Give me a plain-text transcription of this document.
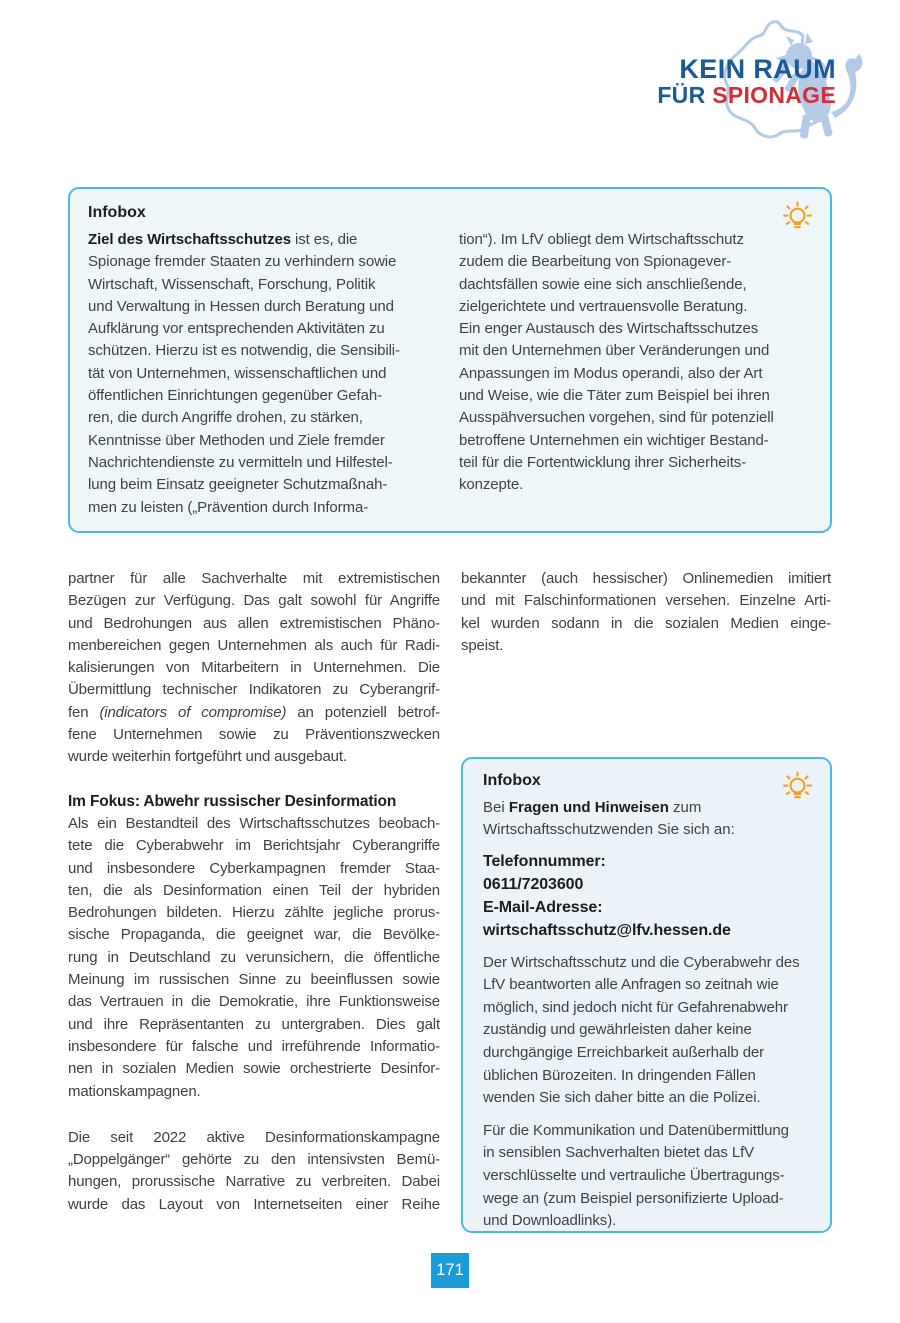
KEIN RAUM
FÜR SPIONAGE
Infobox
Ziel des Wirtschaftsschutzes ist es, die
Spionage fremder Staaten zu verhindern sowie
Wirtschaft, Wissenschaft, Forschung, Politik
und Verwaltung in Hessen durch Beratung und
Aufklärung vor entsprechenden Aktivitäten zu
schützen. Hierzu ist es notwendig, die Sensibili-
tät von Unternehmen, wissenschaftlichen und
öffentlichen Einrichtungen gegenüber Gefah-
ren, die durch Angriffe drohen, zu stärken,
Kenntnisse über Methoden und Ziele fremder
Nachrichtendienste zu vermitteln und Hilfestel-
lung beim Einsatz geeigneter Schutzmaßnah-
men zu leisten („Prävention durch Informa-
tion“). Im LfV obliegt dem Wirtschaftsschutz
zudem die Bearbeitung von Spionagever-
dachtsfällen sowie eine sich anschließende,
zielgerichtete und vertrauensvolle Beratung.
Ein enger Austausch des Wirtschaftsschutzes
mit den Unternehmen über Veränderungen und
Anpassungen im Modus operandi, also der Art
und Weise, wie die Täter zum Beispiel bei ihren
Ausspähversuchen vorgehen, sind für potenziell
betroffene Unternehmen ein wichtiger Bestand-
teil für die Fortentwicklung ihrer Sicherheits-
konzepte.
partner für alle Sachverhalte mit extremistischen
Bezügen zur Verfügung. Das galt sowohl für Angriffe
und Bedrohungen aus allen extremistischen Phäno-
menbereichen gegen Unternehmen als auch für Radi-
kalisierungen von Mitarbeitern in Unternehmen. Die
Übermittlung technischer Indikatoren zu Cyberangrif-
fen (indicators of compromise) an potenziell betrof-
fene Unternehmen sowie zu Präventionszwecken
wurde weiterhin fortgeführt und ausgebaut.
Im Fokus: Abwehr russischer Desinformation
Als ein Bestandteil des Wirtschaftsschutzes beobach-
tete die Cyberabwehr im Berichtsjahr Cyberangriffe
und insbesondere Cyberkampagnen fremder Staa-
ten, die als Desinformation einen Teil der hybriden
Bedrohungen bildeten. Hierzu zählte jegliche prorus-
sische Propaganda, die geeignet war, die Bevölke-
rung in Deutschland zu verunsichern, die öffentliche
Meinung im russischen Sinne zu beeinflussen sowie
das Vertrauen in die Demokratie, ihre Funktionsweise
und ihre Repräsentanten zu untergraben. Dies galt
insbesondere für falsche und irreführende Informatio-
nen in sozialen Medien sowie orchestrierte Desinfor-
mationskampagnen.
Die seit 2022 aktive Desinformationskampagne
„Doppelgänger“ gehörte zu den intensivsten Bemü-
hungen, prorussische Narrative zu verbreiten. Dabei
wurde das Layout von Internetseiten einer Reihe
bekannter (auch hessischer) Onlinemedien imitiert
und mit Falschinformationen versehen. Einzelne Arti-
kel wurden sodann in die sozialen Medien einge-
speist.
Infobox
Bei Fragen und Hinweisen zum
Wirtschaftsschutzwenden Sie sich an:
Telefonnummer:
0611/7203600
E-Mail-Adresse:
wirtschaftsschutz@lfv.hessen.de
Der Wirtschaftsschutz und die Cyberabwehr des
LfV beantworten alle Anfragen so zeitnah wie
möglich, sind jedoch nicht für Gefahrenabwehr
zuständig und gewährleisten daher keine
durchgängige Erreichbarkeit außerhalb der
üblichen Bürozeiten. In dringenden Fällen
wenden Sie sich daher bitte an die Polizei.
Für die Kommunikation und Datenübermittlung
in sensiblen Sachverhalten bietet das LfV
verschlüsselte und vertrauliche Übertragungs-
wege an (zum Beispiel personifizierte Upload-
und Downloadlinks).
171
